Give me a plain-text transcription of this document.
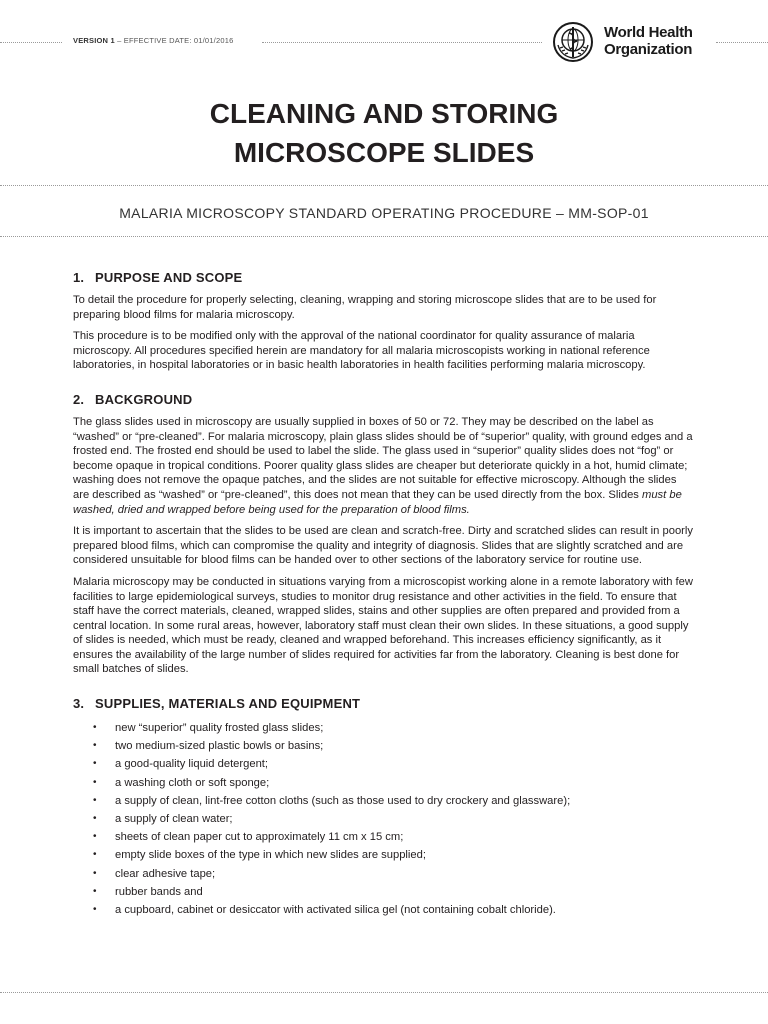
VERSION 1 – EFFECTIVE DATE: 01/01/2016	World Health
Organization
CLEANING AND STORING
MICROSCOPE SLIDES
MALARIA MICROSCOPY STANDARD OPERATING PROCEDURE – MM-SOP-01
1. PURPOSE AND SCOPE

To detail the procedure for properly selecting, cleaning, wrapping and storing microscope slides that are to be used for preparing blood films for malaria microscopy.

This procedure is to be modified only with the approval of the national coordinator for quality assurance of malaria microscopy. All procedures specified herein are mandatory for all malaria microscopists working in national reference laboratories, in hospital laboratories or in basic health laboratories in health facilities performing malaria microscopy.

2. BACKGROUND

The glass slides used in microscopy are usually supplied in boxes of 50 or 72. They may be described on the label as “washed” or “pre-cleaned”. For malaria microscopy, plain glass slides should be of “superior” quality, with ground edges and a frosted end. The frosted end should be used to label the slide. The glass used in “superior” quality slides does not “fog” or become opaque in tropical conditions. Poorer quality glass slides are cheaper but deteriorate quickly in a hot, humid climate; washing does not remove the opaque patches, and the slides are not suitable for effective microscopy. Although the slides are described as “washed” or “pre-cleaned”, this does not mean that they can be used directly from the box. Slides must be washed, dried and wrapped before being used for the preparation of blood films.

It is important to ascertain that the slides to be used are clean and scratch-free. Dirty and scratched slides can result in poorly prepared blood films, which can compromise the quality and integrity of diagnosis. Slides that are slightly scratched and are considered unsuitable for blood films can be handed over to other sections of the laboratory service for routine use.

Malaria microscopy may be conducted in situations varying from a microscopist working alone in a remote laboratory with few facilities to large epidemiological surveys, studies to monitor drug resistance and other activities in the field. To ensure that staff have the correct materials, cleaned, wrapped slides, stains and other supplies are often prepared and provided from a central location. In some rural areas, however, laboratory staff must clean their own slides. In these situations, a good supply of slides is needed, which must be ready, cleaned and wrapped beforehand. This increases efficiency significantly, as it ensures the availability of the large number of slides required for activities far from the laboratory. Cleaning is best done for small batches of slides.

3. SUPPLIES, MATERIALS AND EQUIPMENT
• new “superior” quality frosted glass slides;
• two medium-sized plastic bowls or basins;
• a good-quality liquid detergent;
• a washing cloth or soft sponge;
• a supply of clean, lint-free cotton cloths (such as those used to dry crockery and glassware);
• a supply of clean water;
• sheets of clean paper cut to approximately 11 cm x 15 cm;
• empty slide boxes of the type in which new slides are supplied;
• clear adhesive tape;
• rubber bands and
• a cupboard, cabinet or desiccator with activated silica gel (not containing cobalt chloride).
